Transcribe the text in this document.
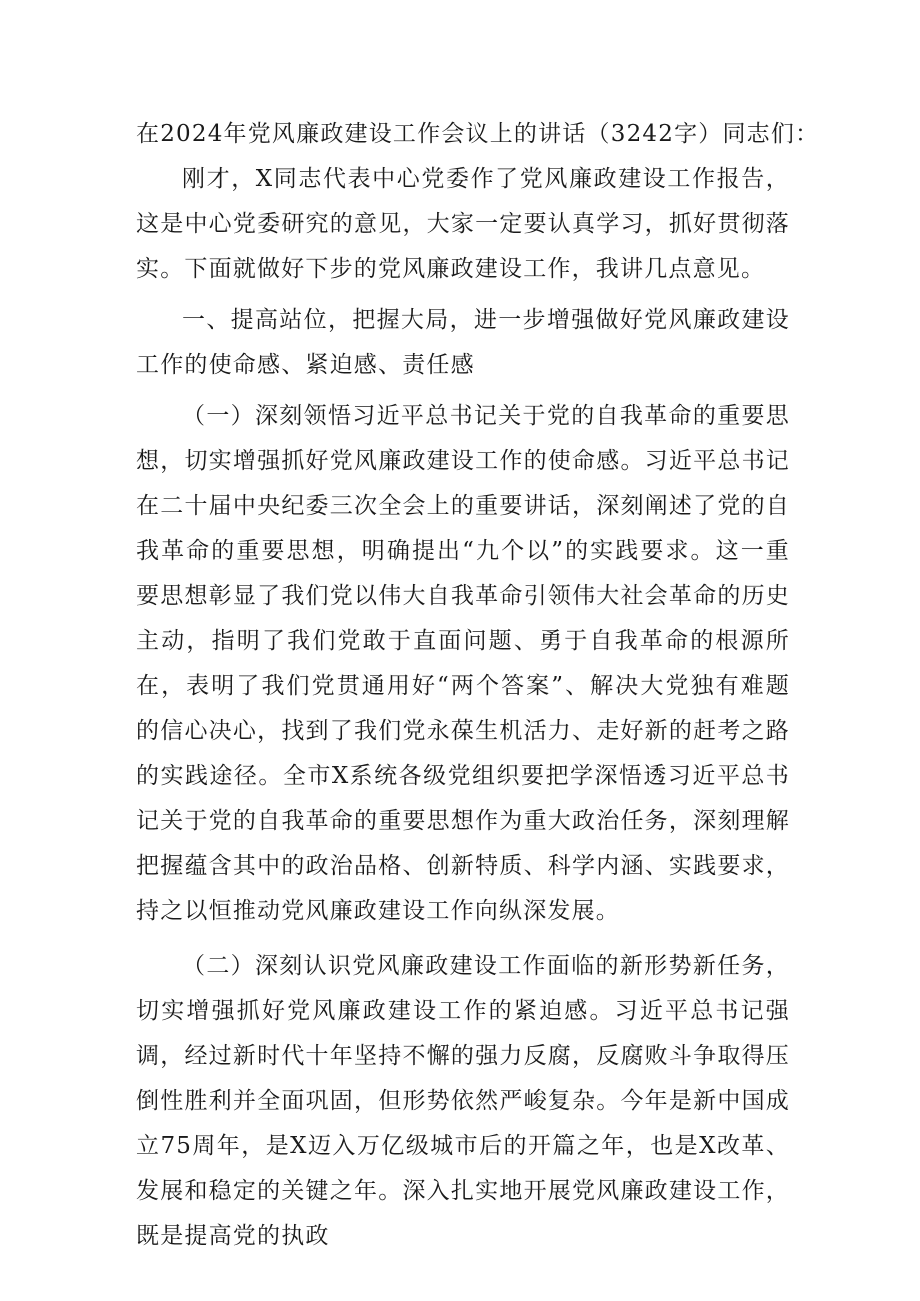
在2024年党风廉政建设工作会议上的讲话（3242字）同志们：

刚才，X同志代表中心党委作了党风廉政建设工作报告，这是中心党委研究的意见，大家一定要认真学习，抓好贯彻落实。下面就做好下步的党风廉政建设工作，我讲几点意见。

一、提高站位，把握大局，进一步增强做好党风廉政建设工作的使命感、紧迫感、责任感

（一）深刻领悟习近平总书记关于党的自我革命的重要思想，切实增强抓好党风廉政建设工作的使命感。习近平总书记在二十届中央纪委三次全会上的重要讲话，深刻阐述了党的自我革命的重要思想，明确提出“九个以”的实践要求。这一重要思想彰显了我们党以伟大自我革命引领伟大社会革命的历史主动，指明了我们党敢于直面问题、勇于自我革命的根源所在，表明了我们党贯通用好“两个答案”、解决大党独有难题的信心决心，找到了我们党永葆生机活力、走好新的赶考之路的实践途径。全市X系统各级党组织要把学深悟透习近平总书记关于党的自我革命的重要思想作为重大政治任务，深刻理解把握蕴含其中的政治品格、创新特质、科学内涵、实践要求，持之以恒推动党风廉政建设工作向纵深发展。

（二）深刻认识党风廉政建设工作面临的新形势新任务，切实增强抓好党风廉政建设工作的紧迫感。习近平总书记强调，经过新时代十年坚持不懈的强力反腐，反腐败斗争取得压倒性胜利并全面巩固，但形势依然严峻复杂。今年是新中国成立75周年，是X迈入万亿级城市后的开篇之年，也是X改革、发展和稳定的关键之年。深入扎实地开展党风廉政建设工作，既是提高党的执政
